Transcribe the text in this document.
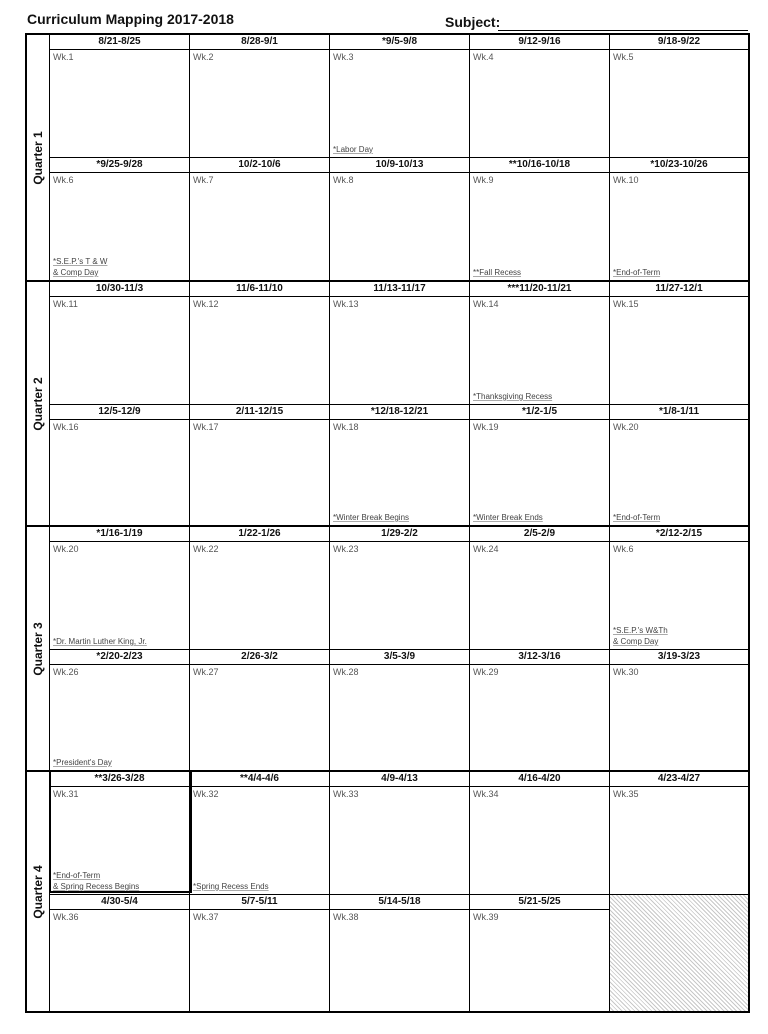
Curriculum Mapping 2017-2018	Subject:
Quarter 1
8/21-8/25
Wk.1
8/28-9/1
Wk.2
*9/5-9/8
Wk.3
*Labor Day
9/12-9/16
Wk.4
9/18-9/22
Wk.5
*9/25-9/28
Wk.6
*S.E.P.'s T & W
& Comp Day
10/2-10/6
Wk.7
10/9-10/13
Wk.8
**10/16-10/18
Wk.9
**Fall Recess
*10/23-10/26
Wk.10
*End-of-Term
Quarter 2
10/30-11/3
Wk.11
11/6-11/10
Wk.12
11/13-11/17
Wk.13
***11/20-11/21
Wk.14
*Thanksgiving Recess
11/27-12/1
Wk.15
12/5-12/9
Wk.16
2/11-12/15
Wk.17
*12/18-12/21
Wk.18
*Winter Break Begins
*1/2-1/5
Wk.19
*Winter Break Ends
*1/8-1/11
Wk.20
*End-of-Term
Quarter 3
*1/16-1/19
Wk.20
*Dr. Martin Luther King, Jr.
1/22-1/26
Wk.22
1/29-2/2
Wk.23
2/5-2/9
Wk.24
*2/12-2/15
Wk.6
*S.E.P.'s W&Th
& Comp Day
*2/20-2/23
Wk.26
*President's Day
2/26-3/2
Wk.27
3/5-3/9
Wk.28
3/12-3/16
Wk.29
3/19-3/23
Wk.30
Quarter 4
**3/26-3/28
Wk.31
*End-of-Term
& Spring Recess Begins
**4/4-4/6
Wk.32
*Spring Recess Ends
4/9-4/13
Wk.33
4/16-4/20
Wk.34
4/23-4/27
Wk.35
4/30-5/4
Wk.36
5/7-5/11
Wk.37
5/14-5/18
Wk.38
5/21-5/25
Wk.39
